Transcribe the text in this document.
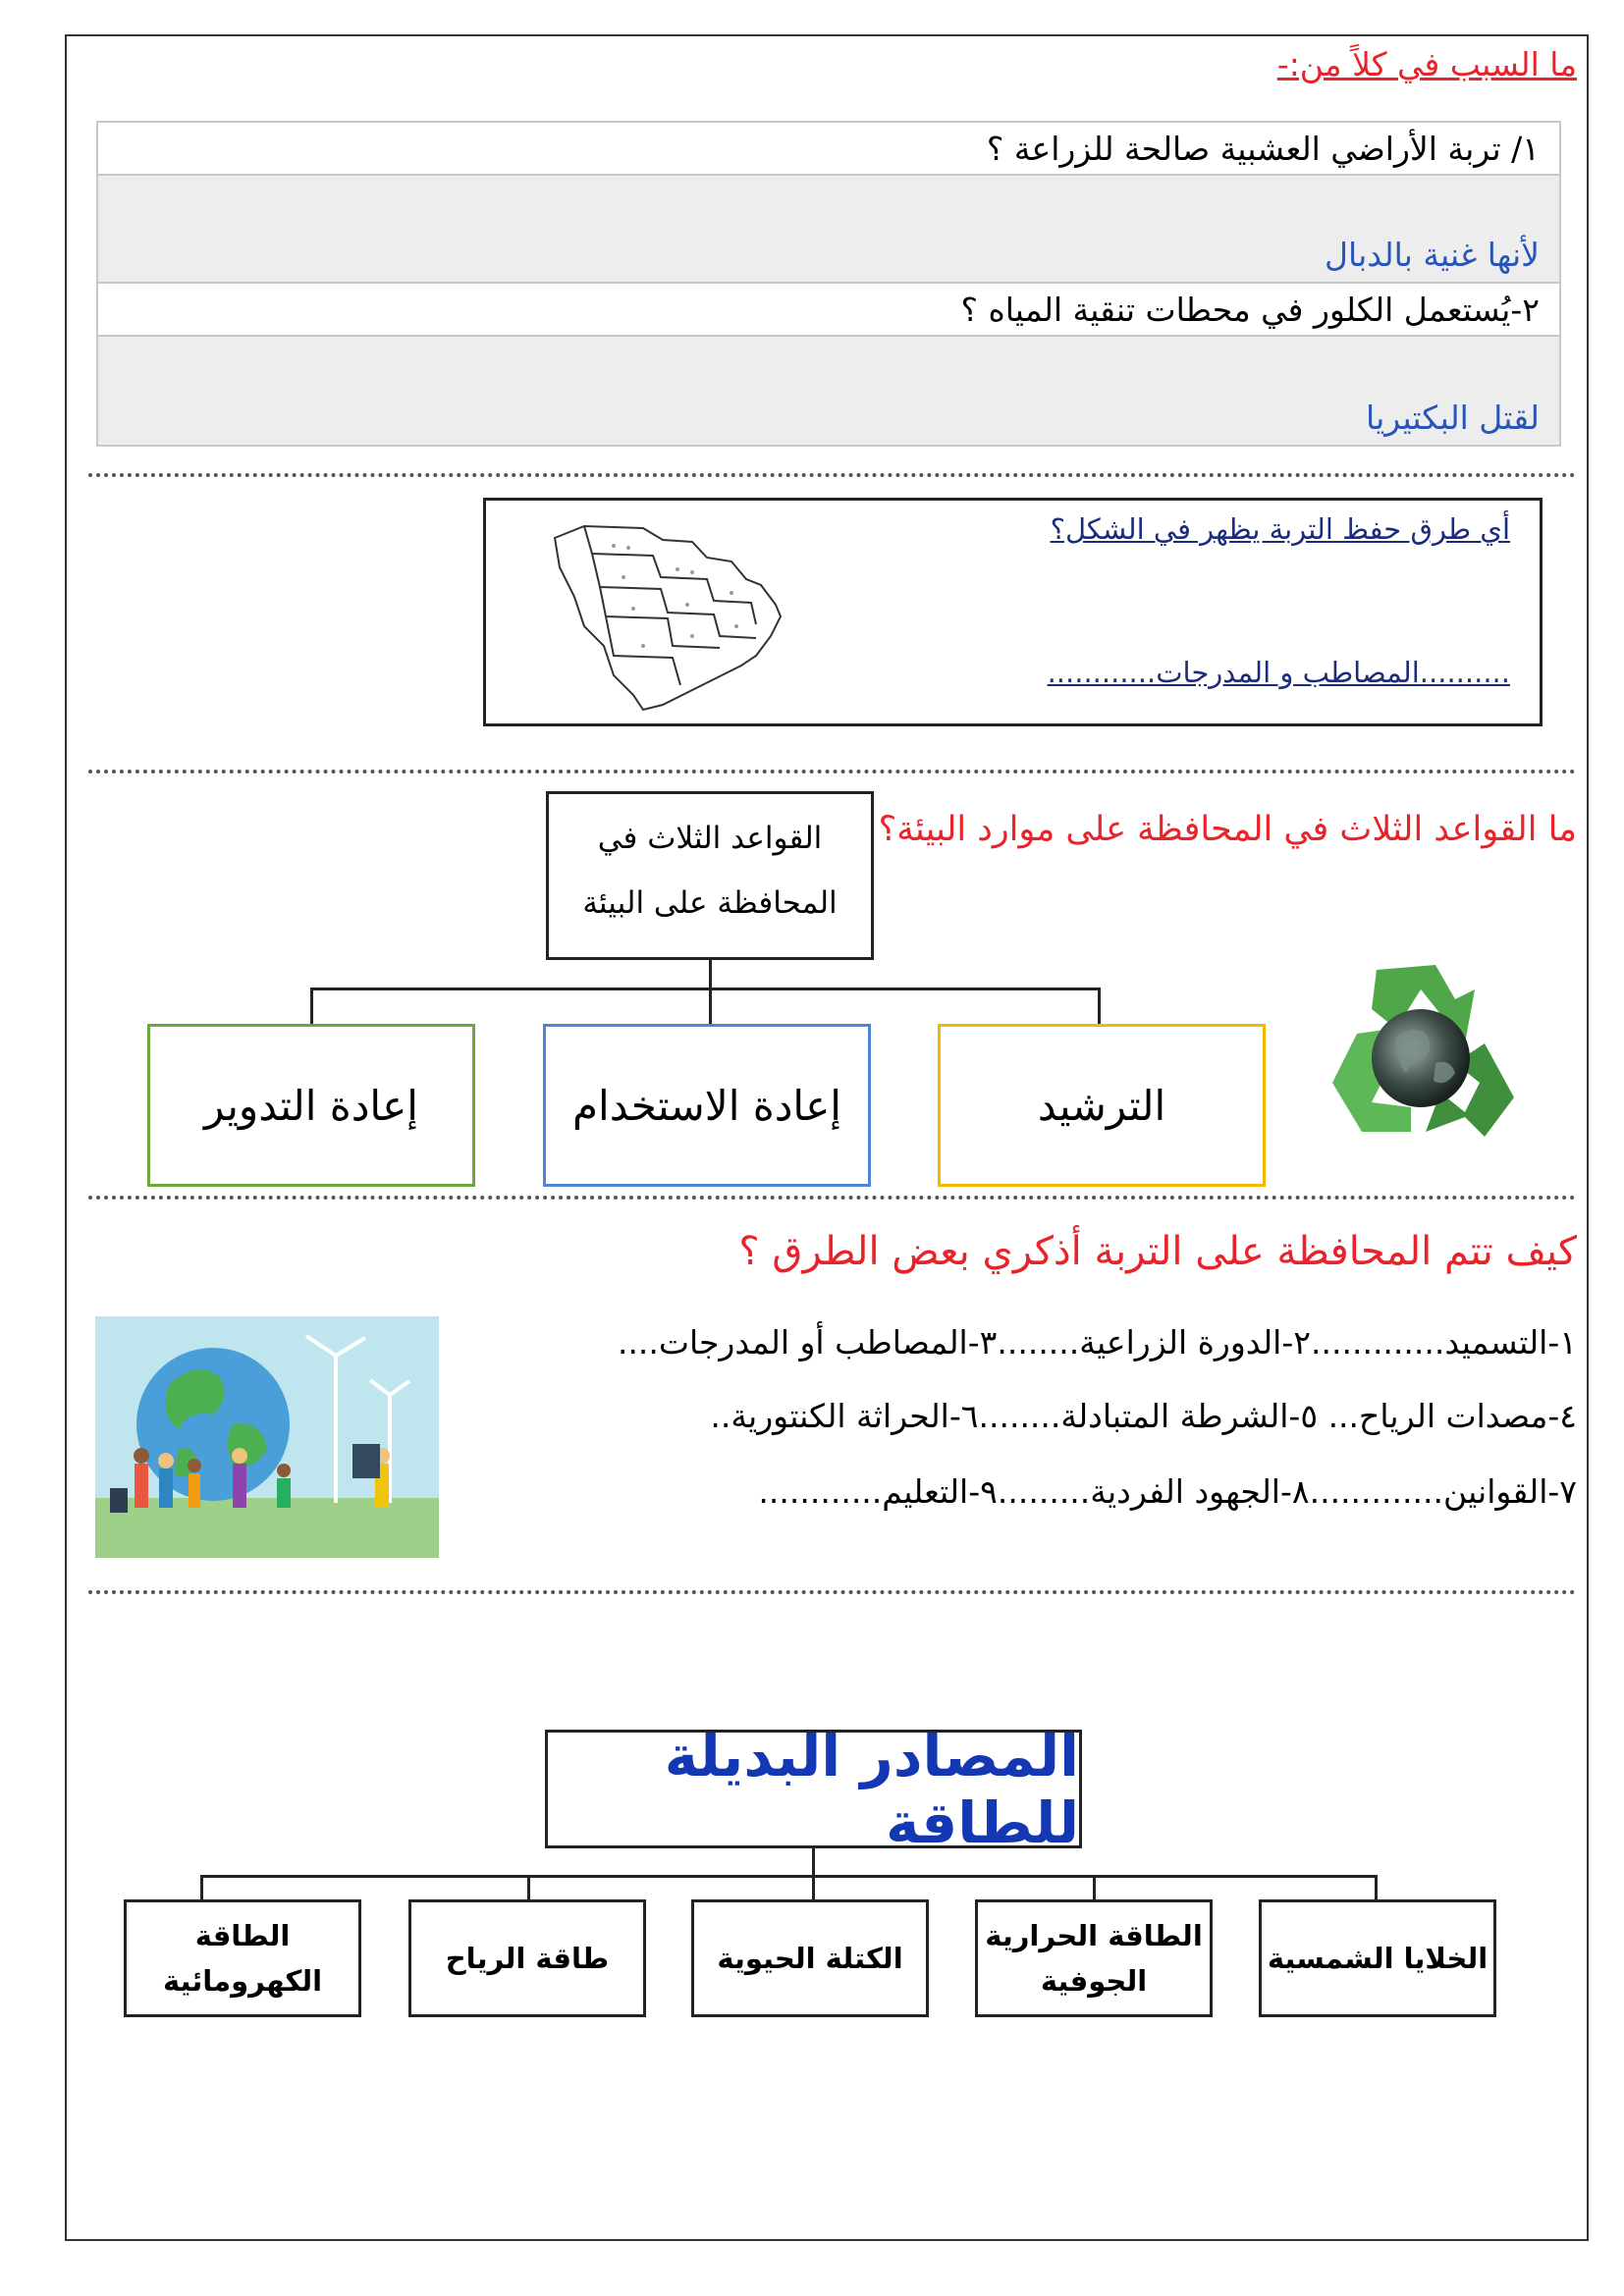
ما السبب في كلاً من:-
١/ تربة الأراضي العشبية صالحة للزراعة ؟
لأنها غنية بالدبال
٢-يُستعمل الكلور في محطات تنقية المياه ؟
لقتل البكتيريا
أي طرق حفظ التربة يظهر في الشكل؟
..........المصاطب و المدرجات............
ما القواعد الثلاث في المحافظة على موارد البيئة؟
القواعد الثلاث في
المحافظة على البيئة
الترشيد
إعادة الاستخدام
إعادة التدوير
كيف تتم المحافظة على التربة أذكري بعض الطرق ؟
١-التسميد.............٢-الدورة الزراعية........٣-المصاطب أو المدرجات....
٤-مصدات الرياح... ٥-الشرطة المتبادلة........٦-الحراثة الكنتورية..
٧-القوانين.............٨-الجهود الفردية.........٩-التعليم............
المصادر البديلة للطاقة
الخلايا الشمسية
الطاقة الحرارية
الجوفية
الكتلة الحيوية
طاقة الرياح
الطاقة
الكهرومائية
